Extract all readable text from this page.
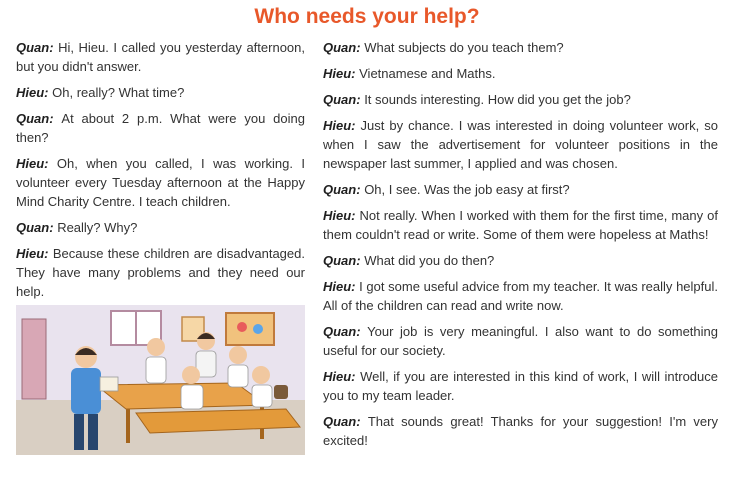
Who needs your help?

Quan: Hi, Hieu. I called you yesterday afternoon, but you didn't answer.

Hieu: Oh, really? What time?

Quan: At about 2 p.m. What were you doing then?

Hieu: Oh, when you called, I was working. I volunteer every Tuesday afternoon at the Happy Mind Charity Centre. I teach children.

Quan: Really? Why?

Hieu: Because these children are disadvantaged. They have many problems and they need our help.

Quan: What subjects do you teach them?

Hieu: Vietnamese and Maths.

Quan: It sounds interesting. How did you get the job?

Hieu: Just by chance. I was interested in doing volunteer work, so when I saw the advertisement for volunteer positions in the newspaper last summer, I applied and was chosen.

Quan: Oh, I see. Was the job easy at first?

Hieu: Not really. When I worked with them for the first time, many of them couldn't read or write. Some of them were hopeless at Maths!

Quan: What did you do then?

Hieu: I got some useful advice from my teacher. It was really helpful. All of the children can read and write now.

Quan: Your job is very meaningful. I also want to do something useful for our society.

Hieu: Well, if you are interested in this kind of work, I will introduce you to my team leader.

Quan: That sounds great! Thanks for your suggestion! I'm very excited!
